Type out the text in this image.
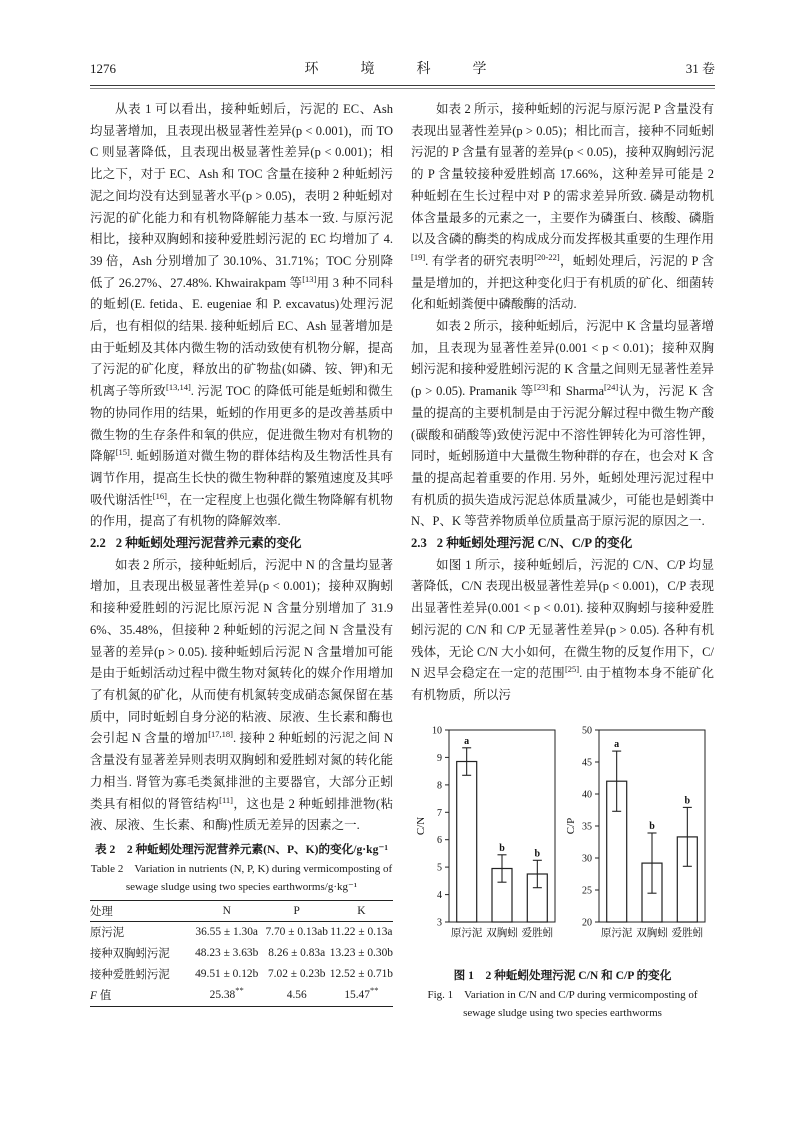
1276	环　境　科　学	31 卷

从表 1 可以看出，接种蚯蚓后，污泥的 EC、Ash 均显著增加，且表现出极显著性差异(p < 0.001)，而 TOC 则显著降低，且表现出极显著性差异(p < 0.001)；相比之下，对于 EC、Ash 和 TOC 含量在接种 2 种蚯蚓污泥之间均没有达到显著水平(p > 0.05)，表明 2 种蚯蚓对污泥的矿化能力和有机物降解能力基本一致. 与原污泥相比，接种双胸蚓和接种爱胜蚓污泥的 EC 均增加了 4.39 倍，Ash 分别增加了 30.10%、31.71%；TOC 分别降低了 26.27%、27.48%. Khwairakpam 等[13]用 3 种不同科的蚯蚓(E. fetida、E. eugeniae 和 P. excavatus)处理污泥后，也有相似的结果. 接种蚯蚓后 EC、Ash 显著增加是由于蚯蚓及其体内微生物的活动致使有机物分解，提高了污泥的矿化度，释放出的矿物盐(如磷、铵、钾)和无机离子等所致[13,14]. 污泥 TOC 的降低可能是蚯蚓和微生物的协同作用的结果，蚯蚓的作用更多的是改善基质中微生物的生存条件和氧的供应，促进微生物对有机物的降解[15]. 蚯蚓肠道对微生物的群体结构及生物活性具有调节作用，提高生长快的微生物种群的繁殖速度及其呼吸代谢活性[16]，在一定程度上也强化微生物降解有机物的作用，提高了有机物的降解效率.

2.2 2 种蚯蚓处理污泥营养元素的变化

如表 2 所示，接种蚯蚓后，污泥中 N 的含量均显著增加，且表现出极显著性差异(p < 0.001)；接种双胸蚓和接种爱胜蚓的污泥比原污泥 N 含量分别增加了 31.96%、35.48%，但接种 2 种蚯蚓的污泥之间 N 含量没有显著的差异(p > 0.05). 接种蚯蚓后污泥 N 含量增加可能是由于蚯蚓活动过程中微生物对氮转化的媒介作用增加了有机氮的矿化，从而使有机氮转变成硝态氮保留在基质中，同时蚯蚓自身分泌的粘液、尿液、生长素和酶也会引起 N 含量的增加[17,18]. 接种 2 种蚯蚓的污泥之间 N 含量没有显著差异则表明双胸蚓和爱胜蚓对氮的转化能力相当. 肾管为寡毛类氮排泄的主要器官，大部分正蚓类具有相似的肾管结构[11]，这也是 2 种蚯蚓排泄物(粘液、尿液、生长素、和酶)性质无差异的因素之一.

表 2　2 种蚯蚓处理污泥营养元素(N、P、K)的变化/g·kg⁻¹
Table 2　Variation in nutrients (N, P, K) during vermicomposting of
sewage sludge using two species earthworms/g·kg⁻¹
处理	N	P	K
原污泥	36.55 ± 1.30a	7.70 ± 0.13ab	11.22 ± 0.13a
接种双胸蚓污泥	48.23 ± 3.63b	8.26 ± 0.83a	13.23 ± 0.30b
接种爱胜蚓污泥	49.51 ± 0.12b	7.02 ± 0.23b	12.52 ± 0.71b
F 值	25.38**	4.56	15.47**

如表 2 所示，接种蚯蚓的污泥与原污泥 P 含量没有表现出显著性差异(p > 0.05)；相比而言，接种不同蚯蚓污泥的 P 含量有显著的差异(p < 0.05)，接种双胸蚓污泥的 P 含量较接种爱胜蚓高 17.66%，这种差异可能是 2 种蚯蚓在生长过程中对 P 的需求差异所致. 磷是动物机体含量最多的元素之一，主要作为磷蛋白、核酸、磷脂以及含磷的酶类的构成成分而发挥极其重要的生理作用[19]. 有学者的研究表明[20-22]，蚯蚓处理后，污泥的 P 含量是增加的，并把这种变化归于有机质的矿化、细菌转化和蚯蚓粪便中磷酸酶的活动.

如表 2 所示，接种蚯蚓后，污泥中 K 含量均显著增加，且表现为显著性差异(0.001 < p < 0.01)；接种双胸蚓污泥和接种爱胜蚓污泥的 K 含量之间则无显著性差异(p > 0.05). Pramanik 等[23]和 Sharma[24]认为，污泥 K 含量的提高的主要机制是由于污泥分解过程中微生物产酸(碳酸和硝酸等)致使污泥中不溶性钾转化为可溶性钾，同时，蚯蚓肠道中大量微生物种群的存在，也会对 K 含量的提高起着重要的作用. 另外，蚯蚓处理污泥过程中有机质的损失造成污泥总体质量减少，可能也是蚓粪中 N、P、K 等营养物质单位质量高于原污泥的原因之一.

2.3 2 种蚯蚓处理污泥 C/N、C/P 的变化

如图 1 所示，接种蚯蚓后，污泥的 C/N、C/P 均显著降低，C/N 表现出极显著性差异(p < 0.001)，C/P 表现出显著性差异(0.001 < p < 0.01). 接种双胸蚓与接种爱胜蚓污泥的 C/N 和 C/P 无显著性差异(p > 0.05). 各种有机残体，无论 C/N 大小如何，在微生物的反复作用下，C/N 迟早会稳定在一定的范围[25]. 由于植物本身不能矿化有机物质，所以污

3
4
5
6
7
8
9
10
C/N
a
原污泥
b
双胸蚓
b
爱胜蚓
20
25
30
35
40
45
50
C/P
a
原污泥
b
双胸蚓
b
爱胜蚓
图 1　2 种蚯蚓处理污泥 C/N 和 C/P 的变化
Fig. 1　Variation in C/N and C/P during vermicomposting of
sewage sludge using two species earthworms
